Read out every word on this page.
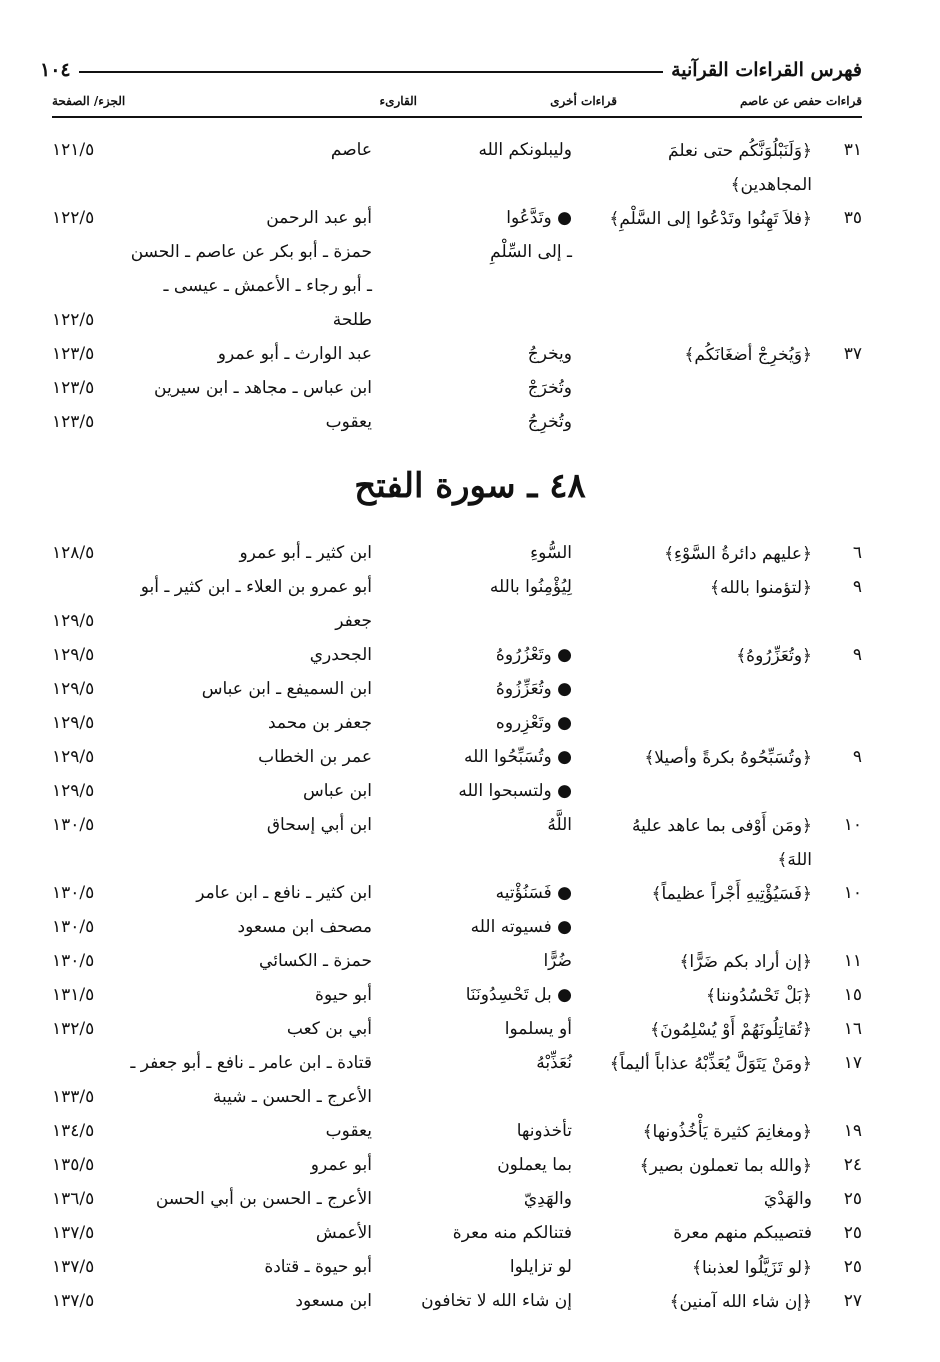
فهرس القراءات القرآنية
١٠٤
قراءات حفص عن عاصم
قراءات أخرى
القارىء
الجزء/ الصفحة
٣١
﴿وَلَنَبْلُوَنَّكُم حتى نعلمَ
وليبلونكم الله
عاصم
١٢١/٥
المجاهدين﴾
٣٥
﴿فلاَ تَهِنُوا وتَدْعُوا إلى السَّلْمِ﴾
● وتَدَّعُوا
أبو عبد الرحمن
١٢٢/٥
ـ إلى السِّلْمِ
حمزة ـ أبو بكر عن عاصم ـ الحسن
ـ أبو رجاء ـ الأعمش ـ عيسى ـ
طلحة
١٢٢/٥
٣٧
﴿وَيُخرِجْ أضغَانَكُم﴾
ويخرجُ
عبد الوارث ـ أبو عمرو
١٢٣/٥
وتُخرَجْ
ابن عباس ـ مجاهد ـ ابن سيرين
١٢٣/٥
وتُخرِجُ
يعقوب
١٢٣/٥
٤٨ ـ سورة الفتح
٦
﴿عليهم دائرةُ السَّوْءِ﴾
السُّوءِ
ابن كثير ـ أبو عمرو
١٢٨/٥
٩
﴿لتؤمنوا بالله﴾
لِيُؤْمِنُوا بالله
أبو عمرو بن العلاء ـ ابن كثير ـ أبو
جعفر
١٢٩/٥
٩
﴿وتُعَزِّرُوهُ﴾
● وتَعْزُرُوهُ
الجحدري
١٢٩/٥
● وتُعَزِّزُوهُ
ابن السميفع ـ ابن عباس
١٢٩/٥
● وتَعْزِروه
جعفر بن محمد
١٢٩/٥
٩
﴿وتُسَبِّحُوهُ بكرةً وأصيلا﴾
● وتُسَبِّحُوا الله
عمر بن الخطاب
١٢٩/٥
● ولتسبحوا الله
ابن عباس
١٢٩/٥
١٠
﴿ومَن أَوْفى بما عاهد عليهُ
اللَّهُ
ابن أبي إسحاق
١٣٠/٥
اللهَ﴾
١٠
﴿فَسَيُؤْتِيهِ أَجْراً عظيماً﴾
● فَسَنُؤْتيه
ابن كثير ـ نافع ـ ابن عامر
١٣٠/٥
● فسيوته الله
مصحف ابن مسعود
١٣٠/٥
١١
﴿إن أراد بكم ضَرًّا﴾
ضُرًّا
حمزة ـ الكسائي
١٣٠/٥
١٥
﴿بَلْ تَحْسُدُوننا﴾
● بل تَحْسِدُونَنَا
أبو حيوة
١٣١/٥
١٦
﴿تُقاتِلُونَهُمْ أَوْ يُسْلِمُونَ﴾
أو يسلموا
أبي بن كعب
١٣٢/٥
١٧
﴿ومَنْ يَتَوَلَّ يُعَذِّبْهُ عذاباً أليماً﴾
نُعَذِّبْهُ
قتادة ـ ابن عامر ـ نافع ـ أبو جعفر ـ
الأعرج ـ الحسن ـ شيبة
١٣٣/٥
١٩
﴿ومغانِمَ كثيرة يَأْخُذُونها﴾
تأخذونها
يعقوب
١٣٤/٥
٢٤
﴿والله بما تعملون بصير﴾
بما يعملون
أبو عمرو
١٣٥/٥
٢٥
والهَدْيَ
والهَدِيّ
الأعرج ـ الحسن بن أبي الحسن
١٣٦/٥
٢٥
فتصيبكم منهم معرة
فتنالكم منه معرة
الأعمش
١٣٧/٥
٢٥
﴿لو تَزَيَّلُوا لعذبنا﴾
لو تزايلوا
أبو حيوة ـ قتادة
١٣٧/٥
٢٧
﴿إن شاء الله آمنين﴾
إن شاء الله لا تخافون
ابن مسعود
١٣٧/٥
